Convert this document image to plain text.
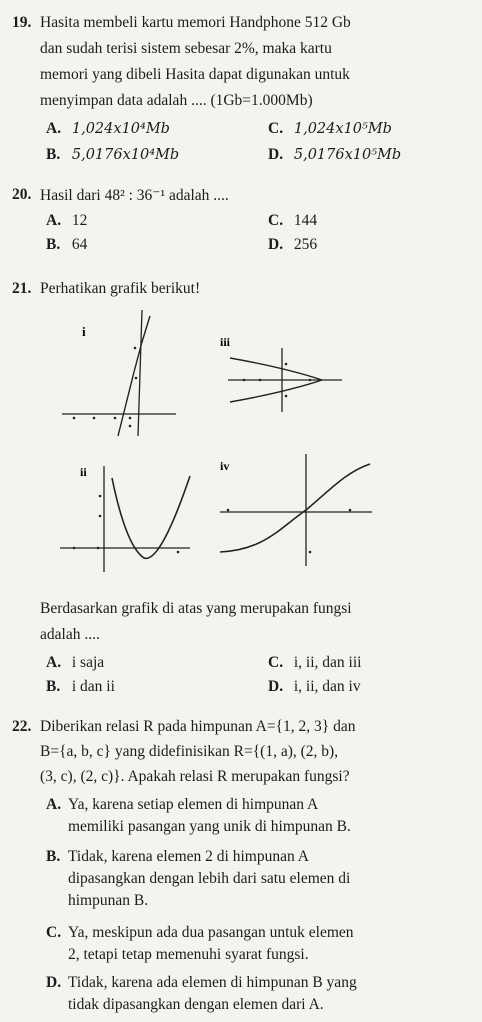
19. Hasita membeli kartu memori Handphone 512 Gb
dan sudah terisi sistem sebesar 2%, maka kartu
memori yang dibeli Hasita dapat digunakan untuk
menyimpan data adalah .... (1Gb=1.000Mb)
A. 1,024x10⁴Mb	C. 1,024x10⁵Mb
B. 5,0176x10⁴Mb	D. 5,0176x10⁵Mb
20. Hasil dari 48² : 36⁻¹ adalah ....
A. 12	C. 144
B. 64	D. 256
21. Perhatikan grafik berikut!
i
iii
ii	iv
Berdasarkan grafik di atas yang merupakan fungsi
adalah ....
A. i saja	C. i, ii, dan iii
B. i dan ii	D. i, ii, dan iv
22. Diberikan relasi R pada himpunan A={1, 2, 3} dan
B={a, b, c} yang didefinisikan R={(1, a), (2, b),
(3, c), (2, c)}. Apakah relasi R merupakan fungsi?
A. Ya, karena setiap elemen di himpunan A
memiliki pasangan yang unik di himpunan B.
B. Tidak, karena elemen 2 di himpunan A
dipasangkan dengan lebih dari satu elemen di
himpunan B.
C. Ya, meskipun ada dua pasangan untuk elemen
2, tetapi tetap memenuhi syarat fungsi.
D. Tidak, karena ada elemen di himpunan B yang
tidak dipasangkan dengan elemen dari A.
